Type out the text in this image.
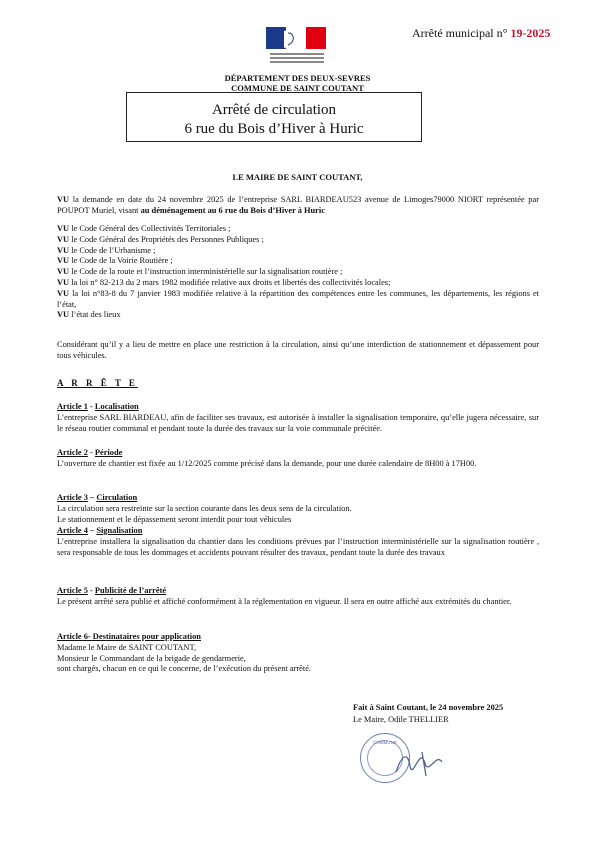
Arrêté municipal n° 19-2025
DÉPARTEMENT DES DEUX-SEVRES
COMMUNE DE SAINT COUTANT
Arrêté de circulation
6 rue du Bois d’Hiver à Huric
LE MAIRE DE SAINT COUTANT,
VU la demande en date du 24 novembre 2025 de l’entreprise SARL BIARDEAU523 avenue de Limoges79000 NIORT représentée par POUPOT Muriel, visant au déménagement au 6 rue du Bois d’Hiver à Huric
VU le Code Général des Collectivités Territoriales ;
VU le Code Général des Propriétés des Personnes Publiques ;
VU le Code de l’Urbanisme ;
VU le Code de la Voirie Routière ;
VU le Code de la route et l’instruction interministérielle sur la signalisation routière ;
VU la loi n° 82-213 du 2 mars 1982 modifiée relative aux droits et libertés des collectivités locales;
VU la loi n°83-8 du 7 janvier 1983 modifiée relative à la répartition des compétences entre les communes, les départements, les régions et l’état,
VU l’état des lieux
Considérant qu’il y a lieu de mettre en place une restriction à la circulation, ainsi qu’une interdiction de stationnement et dépassement pour tous véhicules.
A R R Ê T E
Article 1 - Localisation
L’entreprise SARL BIARDEAU, afin de faciliter ses travaux, est autorisée à installer la signalisation temporaire, qu’elle jugera nécessaire, sur le réseau routier communal et pendant toute la durée des travaux sur la voie communale précitée.
Article 2 - Période
L’ouverture de chantier est fixée au 1/12/2025 comme précisé dans la demande, pour une durée calendaire de 8H00 à 17H00.
Article 3 – Circulation
La circulation sera restreinte sur la section courante dans les deux sens de la circulation.
Le stationnement et le dépassement seront interdit pour tout véhicules
Article 4 – Signalisation
L’entreprise installera la signalisation du chantier dans les conditions prévues par l’instruction interministérielle sur la signalisation routière , sera responsable de tous les dommages et accidents pouvant résulter des travaux, pendant toute la durée des travaux
Article 5 - Publicité de l’arrêté
Le présent arrêté sera publié et affiché conformément à la réglementation en vigueur. Il sera en outre affiché aux extrémités du chantier.
Article 6- Destinataires pour application
Madame le Maire de SAINT COUTANT,
Monsieur le Commandant de la brigade de gendarmerie,
sont chargés, chacun en ce qui le concerne, de l’exécution du présent arrêté.
Fait à Saint Coutant, le 24 novembre 2025
Le Maire, Odile THELLIER
COMMUNE
